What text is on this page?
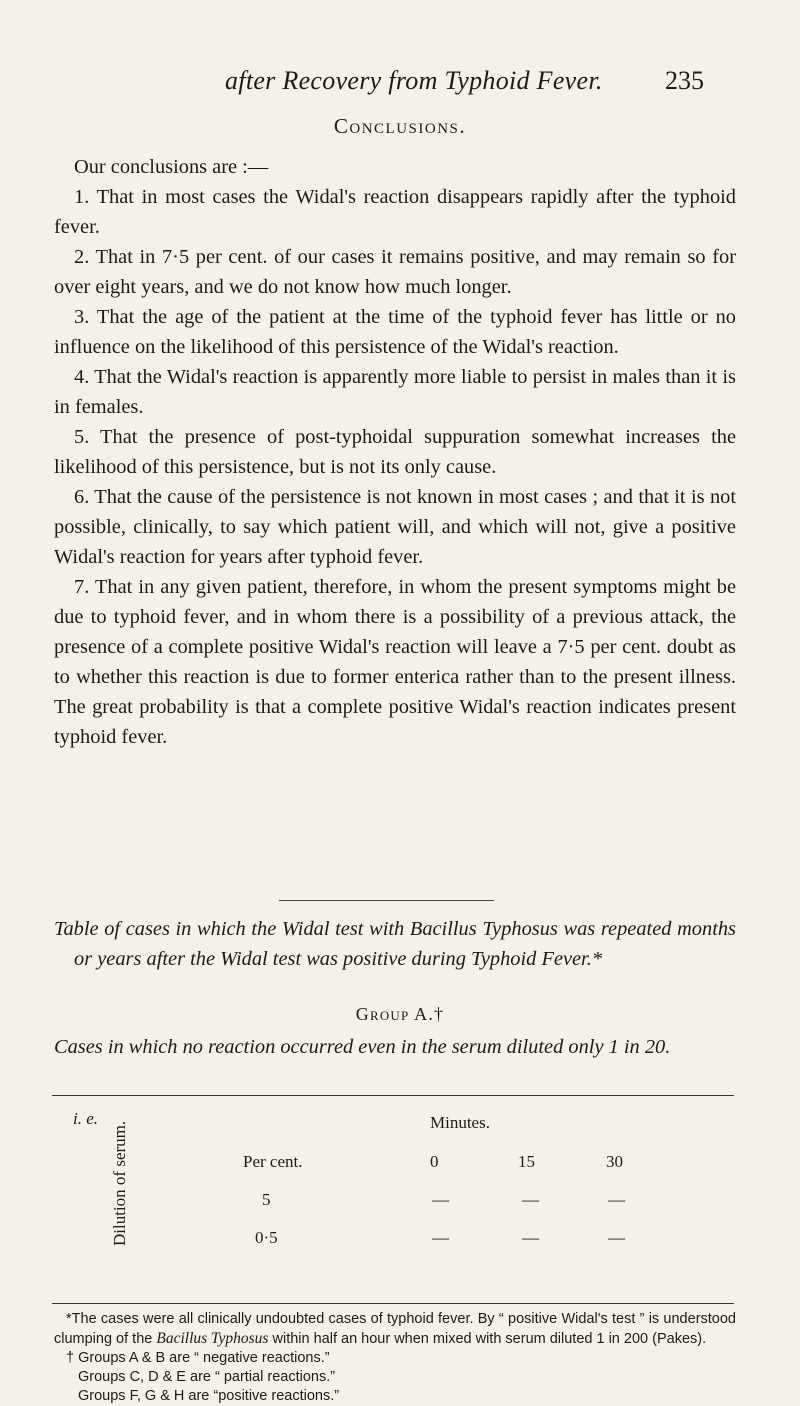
after Recovery from Typhoid Fever. 235
Conclusions.

Our conclusions are :—

1. That in most cases the Widal's reaction disappears rapidly after the typhoid fever.

2. That in 7·5 per cent. of our cases it remains positive, and may remain so for over eight years, and we do not know how much longer.

3. That the age of the patient at the time of the typhoid fever has little or no influence on the likelihood of this persistence of the Widal's reaction.

4. That the Widal's reaction is apparently more liable to persist in males than it is in females.

5. That the presence of post-typhoidal suppuration somewhat increases the likelihood of this persistence, but is not its only cause.

6. That the cause of the persistence is not known in most cases ; and that it is not possible, clinically, to say which patient will, and which will not, give a positive Widal's reaction for years after typhoid fever.

7. That in any given patient, therefore, in whom the present symptoms might be due to typhoid fever, and in whom there is a possibility of a previous attack, the presence of a complete positive Widal's reaction will leave a 7·5 per cent. doubt as to whether this reaction is due to former enterica rather than to the present illness. The great probability is that a complete positive Widal's reaction indicates present typhoid fever.

Table of cases in which the Widal test with Bacillus Typhosus was repeated months or years after the Widal test was positive during Typhoid Fever.*

Group A.†

Cases in which no reaction occurred even in the serum diluted only 1 in 20.

i. e.
Dilution of serum.	Minutes.
Per cent.	0	15	30
5	—	—	—
0·5	—	—	—

*The cases were all clinically undoubted cases of typhoid fever. By “ positive Widal's test ” is understood clumping of the Bacillus Typhosus within half an hour when mixed with serum diluted 1 in 200 (Pakes).

† Groups A & B are “ negative reactions.”

Groups C, D & E are “ partial reactions.”

Groups F, G & H are “positive reactions.”
